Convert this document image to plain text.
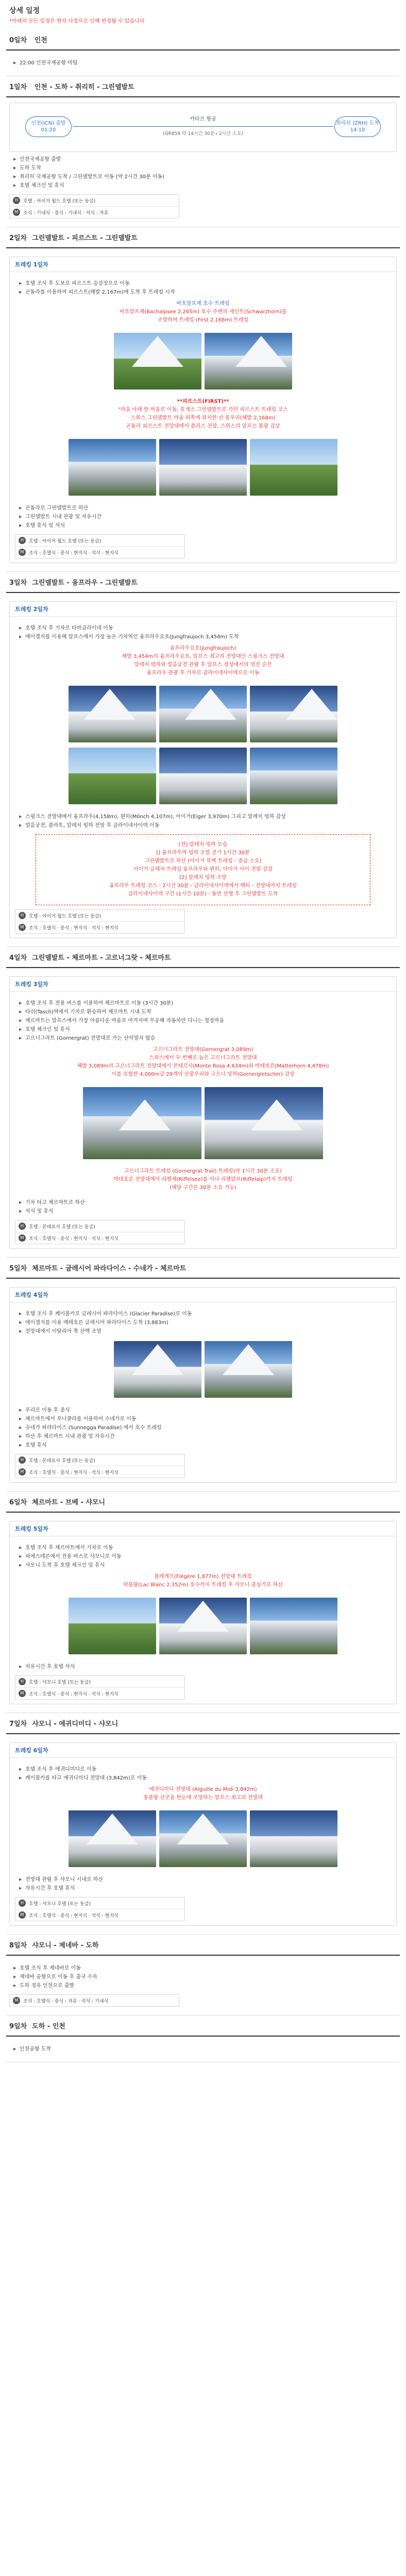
상세 일정
*아래의 모든 일정은 현지 사정으로 인해 변경될 수 있습니다
0일차 인천
▶ 22:00 인천국제공항 미팅
1일차 인천 - 도하 - 취리히 - 그린델발트
인천(ICN) 출발
01:20
카타르 항공
(QR859 약 14시간 30분 / 2시간 소요)
취리히 (ZRH) 도착
14:10
▶ 인천국제공항 출발
▶ 도하 도착
▶ 취리히 국제공항 도착 / 그린델발트로 이동 (약 2시간 30분 이동)
▶ 호텔 체크인 및 휴식
H	호텔 : 아이거 월드 호텔 (또는 동급)
M	조식 : 기내식 · 중식 : 기내식 · 석식 : 자유
2일차 그린델발트 - 피르스트 - 그린델발트
트레킹 1일차
▶ 호텔 조식 후 도보로 피르스트 승강장으로 이동
▶ 곤돌라를 이용하여 피르스트(해발 2,167m)에 도착 후 트레킹 시작
바흐알프제 호수 트레킹
바흐알프제(Bachalpsee 2,265m) 호수 주변의 세인트(Schwarzhorn)를
조망하며 트레킹 (First 2,168m) 트레킹
**피르스트(FIRST)**
"마을 아래 한 마을로 이동, 휴게소 그린델발트로 가던 피르스트 트레킹 코스
스위스 그린델발트 마을 위쪽에 위치한 산 봉우리(해발 2,168m)
곤돌라 피르스트 전망대에서 플러스 전망, 스위스의 알프스 풍광 감상
▶ 곤돌라로 그린델발트로 하산
▶ 그린델발트 시내 관광 및 자유시간
▶ 호텔 휴식 및 석식
H	호텔 : 아이거 월드 호텔 (또는 동급)
M	조식 : 호텔식 · 중식 : 현지식 · 석식 : 현지식
3일차 그린델발트 - 융프라우 - 그린델발트
트레킹 2일차
▶ 호텔 조식 후 기차로 타마클라이네 이동
▶ 에이겔지를 이용해 알프스에서 가장 높은 기차역인 융프라우요흐(Jungfraujoch 3,454m) 도착
융프라우요흐(Jungfraujoch)
해발 3,454m의 융프라우요흐, 알프스 최고의 전망대인 스핑크스 전망대
알레치 빙하와 얼음궁전 관람 후 알프스 정상에서의 멋진 순간
융프라우 관광 후 기차로 클라이네샤이덱으로 이동
▶ 스핑크스 전망대에서 융프라우(4,158m), 묀히(Mönch 4,107m), 아이거(Eiger 3,970m) 그리고 알레치 빙하 감상
▶ 얼음궁전, 플라토, 알레치 빙하 전망 후 클라이네샤이덱 이동
[전] 알레치 빙하 모습
[] 융프라우역 빙하 조망 걷기 1시간 30분
그린델발트로 하산 (아이거 북벽 트레킹 - 중급 소요)
아이거 글레처 트레일 융프라우와 묀히, 아이거 사이 전망 감상
[2] 알레치 빙하 조망
융프라우 트레킹 코스 - 2시간 30분 - 클라이네샤이덱에서 메티 - 전망대까지 트레킹
클라이네샤이덱 구간 (1시간 10분) - 동반 산행 후 그린델발트 도착
H	호텔 : 아이거 월드 호텔 (또는 동급)
M	조식 : 호텔식 · 중식 : 현지식 · 석식 : 현지식
4일차 그린델발트 - 체르마트 - 고르너그랏 - 체르마트
트레킹 3일차
▶ 호텔 조식 후 전용 버스를 이용하여 체르마트로 이동 (3시간 30분)
▶ 타쉬(Tasch)역에서 기차로 환승하여 체르마트 시내 도착
▶ 체르마트는 알프스에서 가장 아름다운 마을로 여겨지며 무공해 자동차만 다니는 청정마을
▶ 호텔 체크인 및 휴식
▶ 고르너그라트 (Gornergrat) 전망대로 가는 산악열차 탑승
고르너그라트 전망대(Gornergrat 3,089m)
스위스에서 두 번째로 높은 고르너그라트 전망대
해발 3,089m의 고르너그라트 전망대에서 몬테로사(Monte Rosa 4,634m)와 마테호른(Matterhorn 4,478m)
이를 포함한 4,000m급 29개의 산봉우리와 고르너 빙하(Gornergletscher) 감상
고르너그라트 트레킹 (Gornergrat Trail) 트레킹(약 1시간 30분 소요)
마테호른 전망대에서 리펠제(Riffelsee)를 지나 리펠알프(Riffelalp)까지 트레킹
(해당 구간은 30분 소요 가능)
▶ 기차 타고 체르마트로 하산
▶ 석식 및 휴식
H	호텔 : 몬테로사 호텔 (또는 동급)
M	조식 : 호텔식 · 중식 : 현지식 · 석식 : 현지식
5일차 체르마트 - 글레시어 파라다이스 - 수네가 - 체르마트
트레킹 4일차
▶ 호텔 조식 후 케이블카로 글레시어 파라다이스 (Glacier Paradise)로 이동
▶ 에이겔지를 이용 매테호른 글레시어 파라다이스 도착 (3,883m)
▶ 전망대에서 이탈리아 쪽 산맥 조망
▶ 푸리로 이동 후 중식
▶ 체르마트에서 푸니쿨라를 이용하여 수네가로 이동
▶ 슈네가 파라다이스 (Sunnegga Paradise) 에서 호수 트레킹
▶ 하산 후 체르마트 시내 관광 및 자유시간
▶ 호텔 휴식
H	호텔 : 몬테로사 호텔 (또는 동급)
M	조식 : 호텔식 · 중식 : 현지식 · 석식 : 현지식
6일차 체르마트 - 브베 - 샤모니
트레킹 5일차
▶ 호텔 조식 후 체르마트에서 기차로 이동
▶ 피에스테른에서 전용 버스로 샤모니로 이동
▶ 샤모니 도착 후 호텔 체크인 및 휴식
플레게르(Flégère 1,877m) 전망대 트레킹
락블랑(Lac Blanc 2,352m) 호수까지 트레킹 후 샤모니 중심가로 하산
▶ 자유시간 후 호텔 석식
H	호텔 : 샤모니 호텔 (또는 동급)
M	조식 : 호텔식 · 중식 : 현지식 · 석식 : 현지식
7일차 샤모니 - 에귀디미디 - 샤모니
트레킹 6일차
▶ 호텔 조식 후 에귀디미디로 이동
▶ 케이블카를 타고 에귀디미디 전망대 (3,842m)로 이동
에귀디미디 전망대 (Aiguille du Midi 3,842m)
몽블랑 산군을 한눈에 조망하는 알프스 최고의 전망대
▶ 전망대 관람 후 샤모니 시내로 하산
▶ 자유시간 후 호텔 휴식
H	호텔 : 샤모니 호텔 (또는 동급)
M	조식 : 호텔식 · 중식 : 현지식 · 석식 : 현지식
8일차 샤모니 - 제네바 - 도하
▶ 호텔 조식 후 제네바로 이동
▶ 제네바 공항으로 이동 후 출국 수속
▶ 도하 경유 인천으로 출발
M	조식 : 호텔식 · 중식 : 자유 · 석식 : 기내식
9일차 도하 - 인천
▶ 인천공항 도착
